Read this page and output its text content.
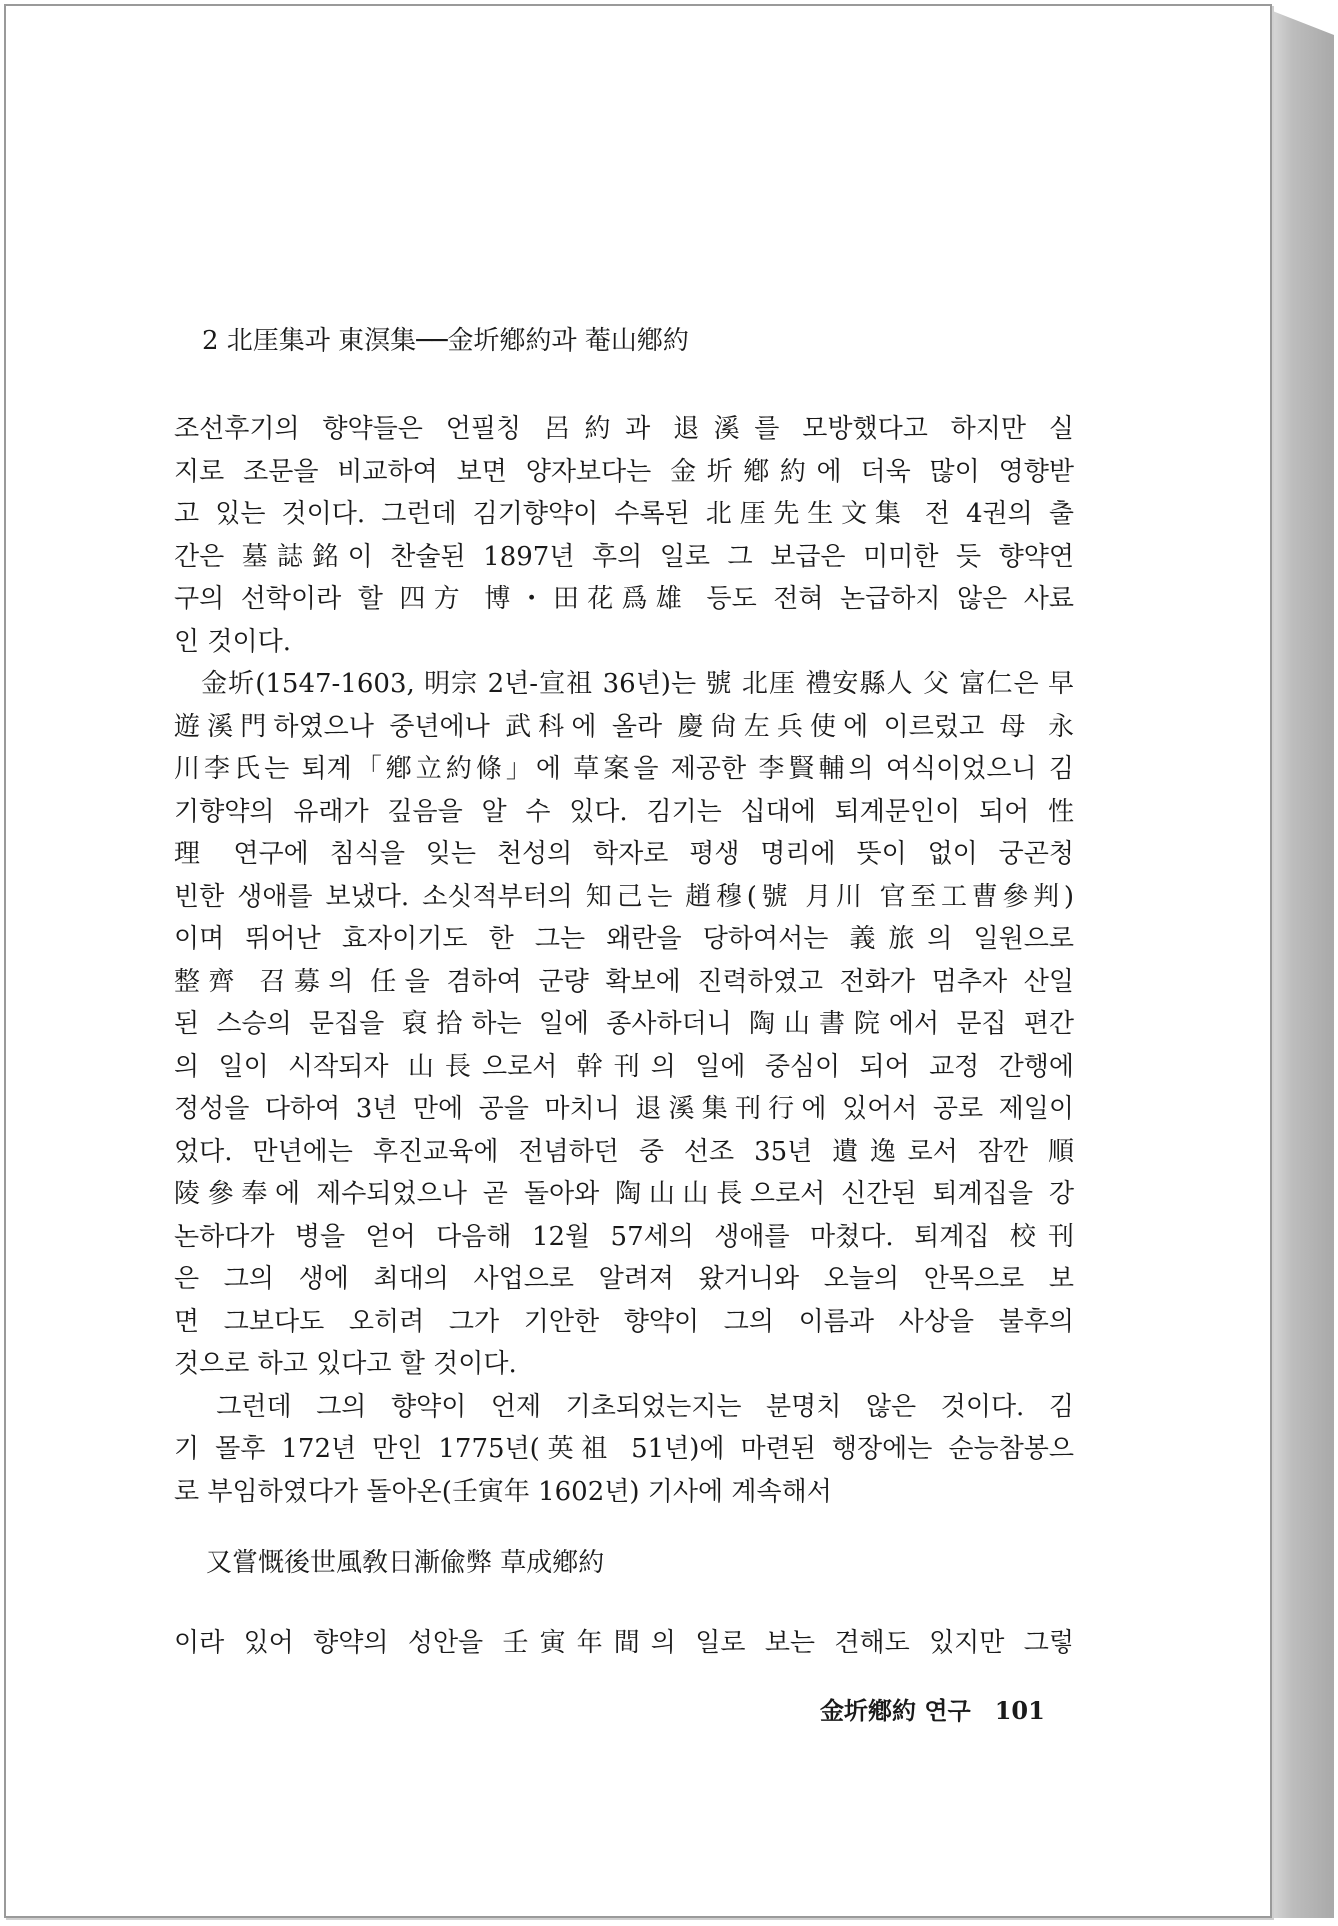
2 北厓集과 東溟集──金圻鄕約과 菴山鄕約
조선후기의 향약들은 언필칭 呂約과 退溪를 모방했다고 하지만 실
지로 조문을 비교하여 보면 양자보다는 金圻鄕約에 더욱 많이 영향받
고 있는 것이다. 그런데 김기향약이 수록된 北厓先生文集 전 4권의 출
간은 墓誌銘이 찬술된 1897년 후의 일로 그 보급은 미미한 듯 향약연
구의 선학이라 할 四方 博・田花爲雄 등도 전혀 논급하지 않은 사료
인 것이다.
　金圻(1547-1603, 明宗 2년-宣祖 36년)는 號 北厓 禮安縣人 父 富仁은 早
遊溪門하였으나 중년에나 武科에 올라 慶尙左兵使에 이르렀고 母 永
川李氏는 퇴계「鄕立約條」에 草案을 제공한 李賢輔의 여식이었으니 김
기향약의 유래가 깊음을 알 수 있다. 김기는 십대에 퇴계문인이 되어 性
理 연구에 침식을 잊는 천성의 학자로 평생 명리에 뜻이 없이 궁곤청
빈한 생애를 보냈다. 소싯적부터의 知己는 趙穆(號 月川 官至工曹參判)
이며 뛰어난 효자이기도 한 그는 왜란을 당하여서는 義旅의 일원으로
整齊 召募의 任을 겸하여 군량 확보에 진력하였고 전화가 멈추자 산일
된 스승의 문집을 裒拾하는 일에 종사하더니 陶山書院에서 문집 편간
의 일이 시작되자 山長으로서 幹刊의 일에 중심이 되어 교정 간행에
정성을 다하여 3년 만에 공을 마치니 退溪集刊行에 있어서 공로 제일이
었다. 만년에는 후진교육에 전념하던 중 선조 35년 遺逸로서 잠깐 順
陵參奉에 제수되었으나 곧 돌아와 陶山山長으로서 신간된 퇴계집을 강
논하다가 병을 얻어 다음해 12월 57세의 생애를 마쳤다. 퇴계집 校刊
은 그의 생에 최대의 사업으로 알려져 왔거니와 오늘의 안목으로 보
면 그보다도 오히려 그가 기안한 향약이 그의 이름과 사상을 불후의
것으로 하고 있다고 할 것이다.
　그런데 그의 향약이 언제 기초되었는지는 분명치 않은 것이다. 김
기 몰후 172년 만인 1775년(英祖 51년)에 마련된 행장에는 순능참봉으
로 부임하였다가 돌아온(壬寅年 1602년) 기사에 계속해서
又嘗慨後世風敎日漸偸弊 草成鄕約
이라 있어 향약의 성안을 壬寅年間의 일로 보는 견해도 있지만 그렇
金圻鄕約 연구 101
